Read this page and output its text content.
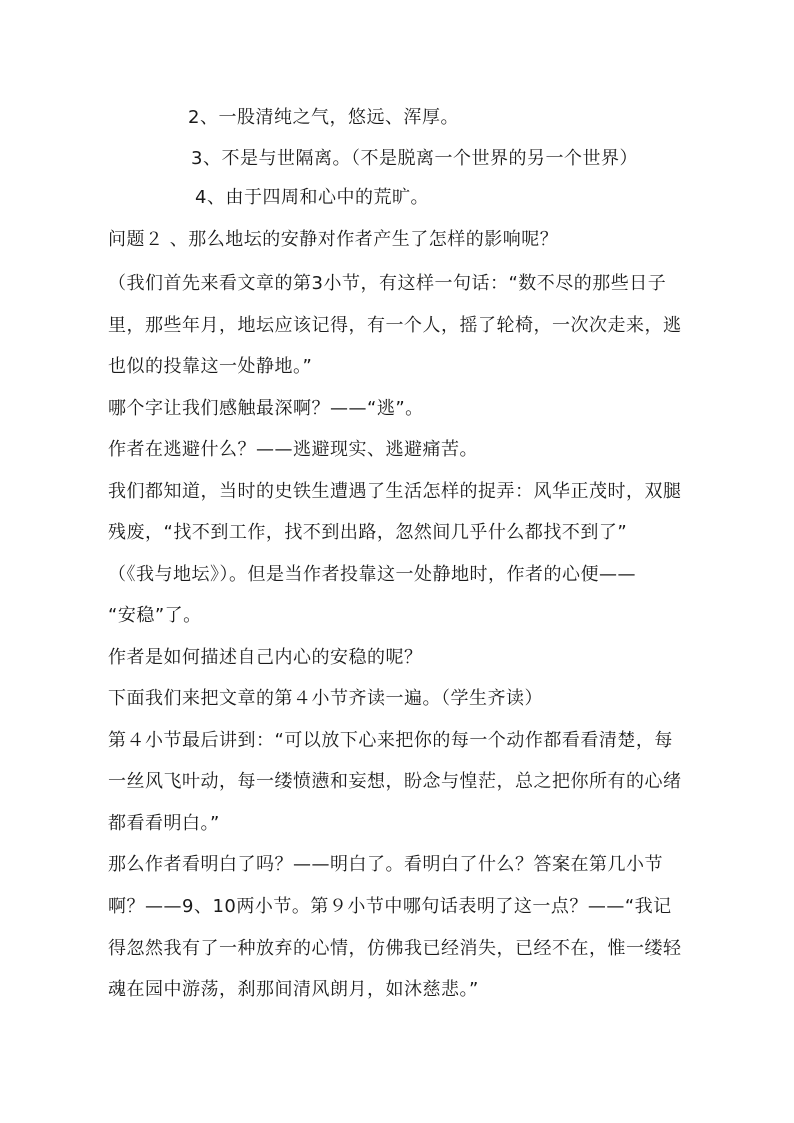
2、一股清纯之气，悠远、浑厚。
3、不是与世隔离。（不是脱离一个世界的另一个世界）
4、由于四周和心中的荒旷。
问题２ 、那么地坛的安静对作者产生了怎样的影响呢？
（我们首先来看文章的第3小节，有这样一句话：“数不尽的那些日子
里，那些年月，地坛应该记得，有一个人，摇了轮椅，一次次走来，逃
也似的投靠这一处静地。”
哪个字让我们感触最深啊？——“逃”。
作者在逃避什么？——逃避现实、逃避痛苦。
我们都知道，当时的史铁生遭遇了生活怎样的捉弄：风华正茂时，双腿
残废，“找不到工作，找不到出路，忽然间几乎什么都找不到了”
（《我与地坛》）。但是当作者投靠这一处静地时，作者的心便——
“安稳”了。
作者是如何描述自己内心的安稳的呢？
下面我们来把文章的第４小节齐读一遍。（学生齐读）
第４小节最后讲到：“可以放下心来把你的每一个动作都看看清楚，每
一丝风飞叶动，每一缕愤懑和妄想，盼念与惶茫，总之把你所有的心绪
都看看明白。”
那么作者看明白了吗？——明白了。看明白了什么？答案在第几小节
啊？——9、10两小节。第９小节中哪句话表明了这一点？——“我记
得忽然我有了一种放弃的心情，仿佛我已经消失，已经不在，惟一缕轻
魂在园中游荡，刹那间清风朗月，如沐慈悲。”
